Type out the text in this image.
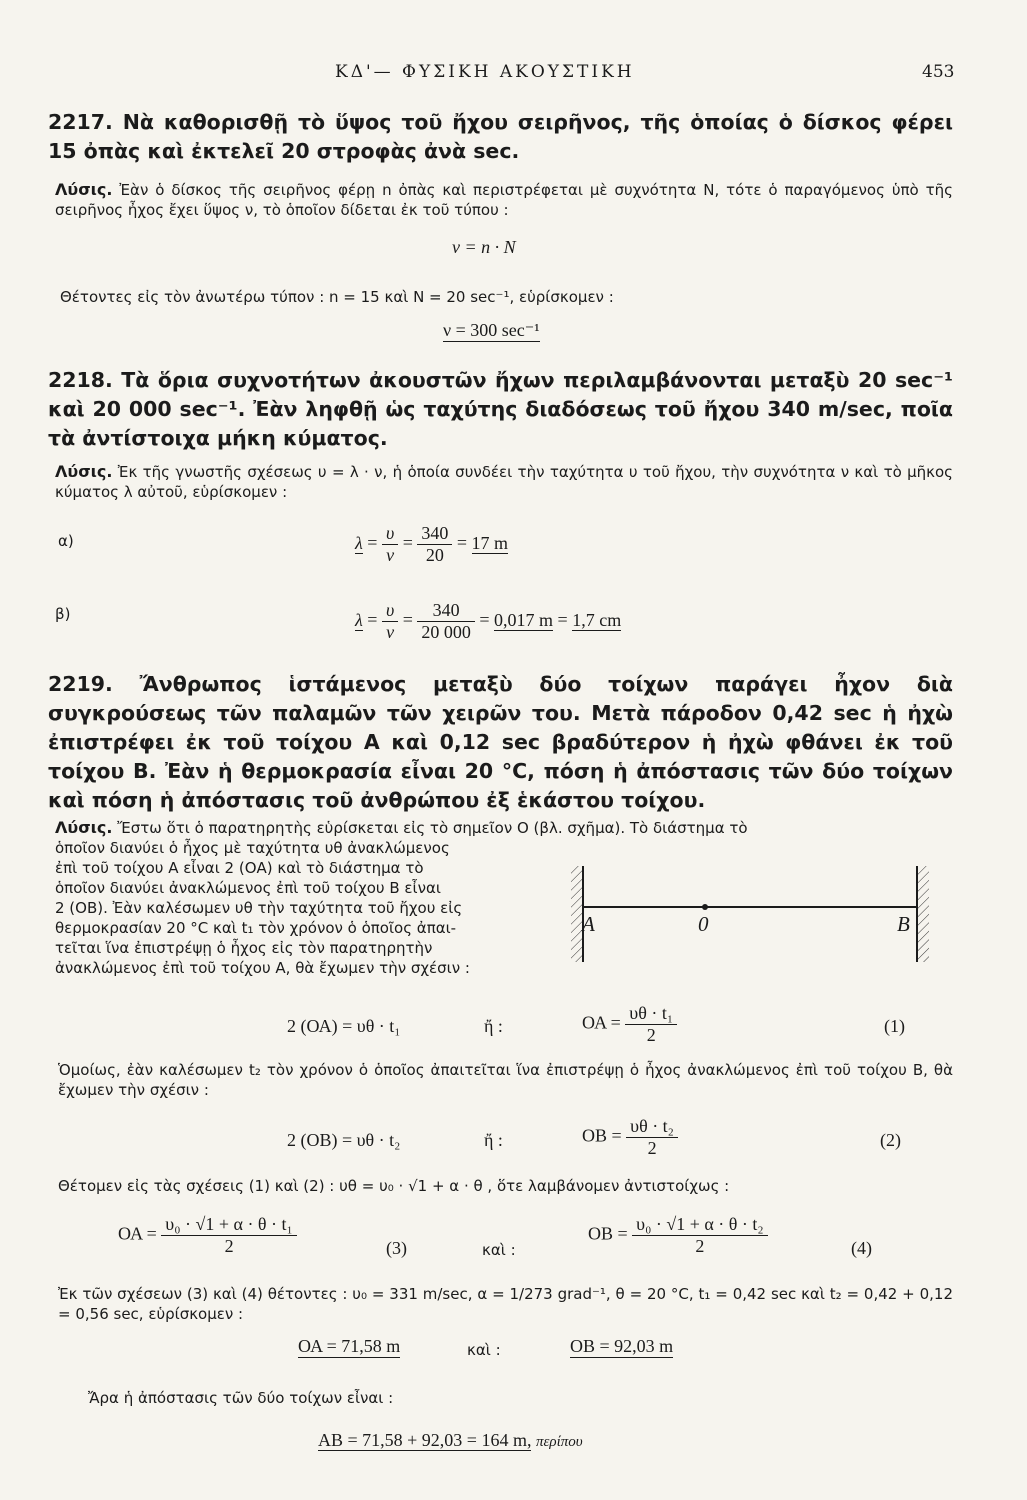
ΚΔ'— ΦΥΣΙΚΗ ΑΚΟΥΣΤΙΚΗ	453
2217. Νὰ καθορισθῇ τὸ ὕψος τοῦ ἤχου σειρῆνος, τῆς ὁποίας ὁ δίσκος φέρει 15 ὀπὰς καὶ ἐκτελεῖ 20 στροφὰς ἀνὰ sec.
Λύσις. Ἐὰν ὁ δίσκος τῆς σειρῆνος φέρῃ n ὀπὰς καὶ περιστρέφεται μὲ συχνότητα Ν, τότε ὁ παραγόμενος ὑπὸ τῆς σειρῆνος ἦχος ἔχει ὕψος ν, τὸ ὁποῖον δίδεται ἐκ τοῦ τύπου :
ν = n · N
Θέτοντες εἰς τὸν ἀνωτέρω τύπον : n = 15 καὶ N = 20 sec⁻¹, εὑρίσκομεν :
ν = 300 sec⁻¹
2218. Τὰ ὅρια συχνοτήτων ἀκουστῶν ἤχων περιλαμβάνονται μεταξὺ 20 sec⁻¹ καὶ 20 000 sec⁻¹. Ἐὰν ληφθῇ ὡς ταχύτης διαδόσεως τοῦ ἤχου 340 m/sec, ποῖα τὰ ἀντίστοιχα μήκη κύματος.
Λύσις. Ἐκ τῆς γνωστῆς σχέσεως υ = λ · ν, ἡ ὁποία συνδέει τὴν ταχύτητα υ τοῦ ἤχου, τὴν συχνότητα ν καὶ τὸ μῆκος κύματος λ αὐτοῦ, εὑρίσκομεν :
α)	$\lambda = \frac{\upsilon}{\nu} = \frac{340}{20} = 17$ m
β)	$\lambda = \frac{\upsilon}{\nu} = \frac{340}{20 000} = 0,017$ m = 1,7 cm
2219. Ἄνθρωπος ἱστάμενος μεταξὺ δύο τοίχων παράγει ἦχον διὰ συγκρούσεως τῶν παλαμῶν τῶν χειρῶν του. Μετὰ πάροδον 0,42 sec ἡ ἠχὼ ἐπιστρέφει ἐκ τοῦ τοίχου Α καὶ 0,12 sec βραδύτερον ἡ ἠχὼ φθάνει ἐκ τοῦ τοίχου Β. Ἐὰν ἡ θερμοκρασία εἶναι 20 °C, πόση ἡ ἀπόστασις τῶν δύο τοίχων καὶ πόση ἡ ἀπόστασις τοῦ ἀνθρώπου ἐξ ἑκάστου τοίχου.
Λύσις. Ἔστω ὅτι ὁ παρατηρητὴς εὑρίσκεται εἰς τὸ σημεῖον Ο (βλ. σχῆμα). Τὸ διάστημα τὸ
ὁποῖον διανύει ὁ ἦχος μὲ ταχύτητα υθ ἀνακλώμενος
ἐπὶ τοῦ τοίχου Α εἶναι 2 (ΟΑ) καὶ τὸ διάστημα τὸ
ὁποῖον διανύει ἀνακλώμενος ἐπὶ τοῦ τοίχου Β εἶναι
2 (ΟΒ). Ἐὰν καλέσωμεν υθ τὴν ταχύτητα τοῦ ἤχου εἰς
θερμοκρασίαν 20 °C καὶ t₁ τὸν χρόνον ὁ ὁποῖος ἀπαι-
τεῖται ἵνα ἐπιστρέψῃ ὁ ἦχος εἰς τὸν παρατηρητὴν
ἀνακλώμενος ἐπὶ τοῦ τοίχου Α, θὰ ἔχωμεν τὴν σχέσιν :
A	0	B
2 (ΟΑ) = υθ · t₁	ἤ :	$OA = \frac{\text{υθ · t₁}}{2}$	(1)
Ὁμοίως, ἐὰν καλέσωμεν t₂ τὸν χρόνον ὁ ὁποῖος ἀπαιτεῖται ἵνα ἐπιστρέψῃ ὁ ἦχος ἀνακλώμενος ἐπὶ τοῦ τοίχου Β, θὰ ἔχωμεν τὴν σχέσιν :
2 (ΟΒ) = υθ · t₂	ἤ :	$OB = \frac{\text{υθ · t₂}}{2}$	(2)
Θέτομεν εἰς τὰς σχέσεις (1) καὶ (2) : υθ = υ₀ · √1 + α · θ , ὅτε λαμβάνομεν ἀντιστοίχως :
$OA = \frac{\text{υ₀ · √1 + α · θ · t₁}}{2}$	(3)	καὶ :
$OB = \frac{\text{υ₀ · √1 + α · θ · t₂}}{2}$	(4)
Ἐκ τῶν σχέσεων (3) καὶ (4) θέτοντες : υ₀ = 331 m/sec, α = 1/273 grad⁻¹, θ = 20 °C, t₁ = 0,42 sec καὶ t₂ = 0,42 + 0,12 = 0,56 sec, εὑρίσκομεν :
ΟΑ = 71,58 m	καὶ :	ΟΒ = 92,03 m
Ἄρα ἡ ἀπόστασις τῶν δύο τοίχων εἶναι :
AB = 71,58 + 92,03 = 164 m, περίπου
